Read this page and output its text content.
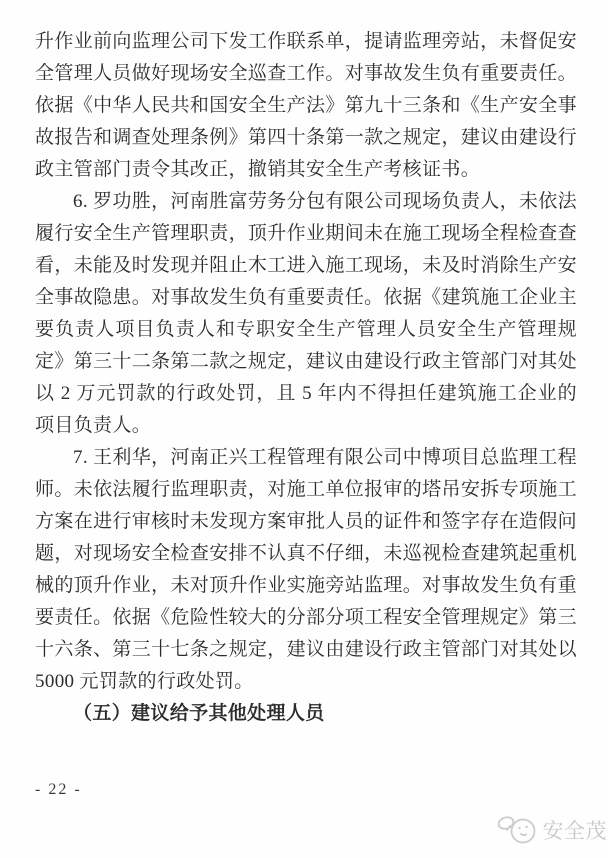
升作业前向监理公司下发工作联系单，提请监理旁站，未督促安全管理人员做好现场安全巡查工作。对事故发生负有重要责任。依据《中华人民共和国安全生产法》第九十三条和《生产安全事故报告和调查处理条例》第四十条第一款之规定，建议由建设行政主管部门责令其改正，撤销其安全生产考核证书。

6. 罗功胜，河南胜富劳务分包有限公司现场负责人，未依法履行安全生产管理职责，顶升作业期间未在施工现场全程检查查看，未能及时发现并阻止木工进入施工现场，未及时消除生产安全事故隐患。对事故发生负有重要责任。依据《建筑施工企业主要负责人项目负责人和专职安全生产管理人员安全生产管理规定》第三十二条第二款之规定，建议由建设行政主管部门对其处以 2 万元罚款的行政处罚，且 5 年内不得担任建筑施工企业的项目负责人。

7. 王利华，河南正兴工程管理有限公司中博项目总监理工程师。未依法履行监理职责，对施工单位报审的塔吊安拆专项施工方案在进行审核时未发现方案审批人员的证件和签字存在造假问题，对现场安全检查安排不认真不仔细，未巡视检查建筑起重机械的顶升作业，未对顶升作业实施旁站监理。对事故发生负有重要责任。依据《危险性较大的分部分项工程安全管理规定》第三十六条、第三十七条之规定，建议由建设行政主管部门对其处以 5000 元罚款的行政处罚。

（五）建议给予其他处理人员

- 22 -
安全茂
